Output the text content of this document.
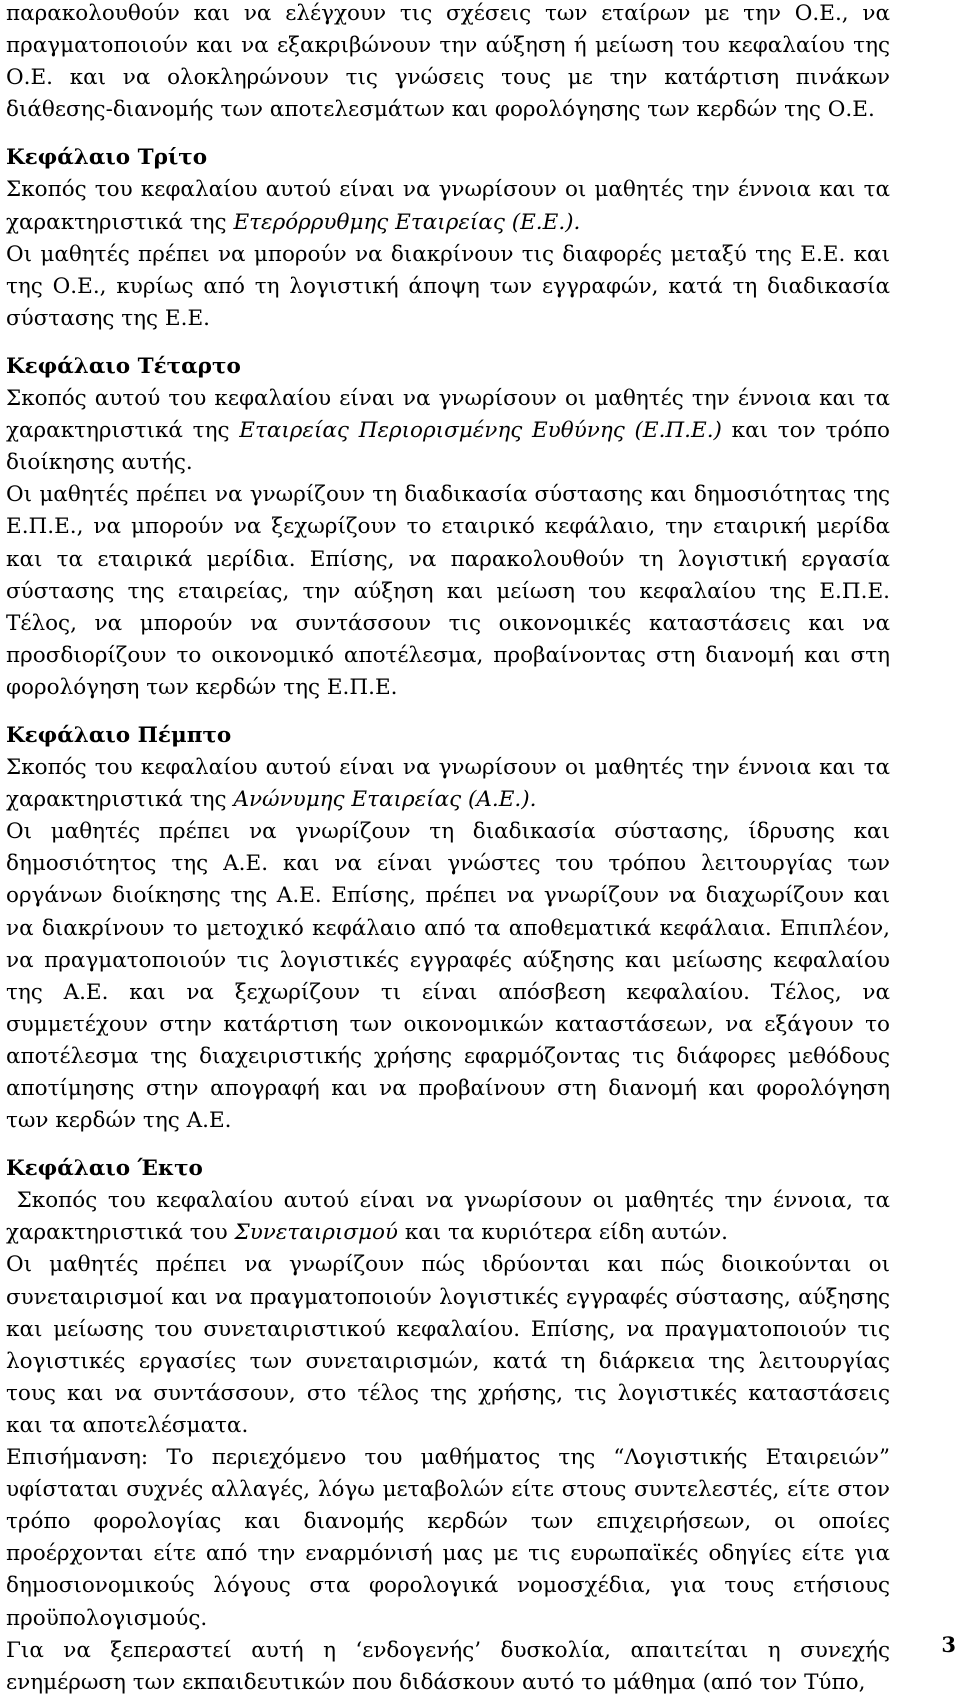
παρακολουθούν και να ελέγχουν τις σχέσεις των εταίρων με την Ο.Ε., να πραγματοποιούν και να εξακριβώνουν την αύξηση ή μείωση του κεφαλαίου της Ο.Ε. και να ολοκληρώνουν τις γνώσεις τους με την κατάρτιση πινάκων διάθεσης-διανομής των αποτελεσμάτων και φορολόγησης των κερδών της Ο.Ε.

Κεφάλαιο Τρίτο

Σκοπός του κεφαλαίου αυτού είναι να γνωρίσουν οι μαθητές την έννοια και τα χαρακτηριστικά της Ετερόρρυθμης Εταιρείας (Ε.Ε.).

Οι μαθητές πρέπει να μπορούν να διακρίνουν τις διαφορές μεταξύ της Ε.Ε. και της Ο.Ε., κυρίως από τη λογιστική άποψη των εγγραφών, κατά τη διαδικασία σύστασης της Ε.Ε.

Κεφάλαιο Τέταρτο

Σκοπός αυτού του κεφαλαίου είναι να γνωρίσουν οι μαθητές την έννοια και τα χαρακτηριστικά της Εταιρείας Περιορισμένης Ευθύνης (Ε.Π.Ε.) και τον τρόπο διοίκησης αυτής.

Οι μαθητές πρέπει να γνωρίζουν τη διαδικασία σύστασης και δημοσιότητας της Ε.Π.Ε., να μπορούν να ξεχωρίζουν το εταιρικό κεφάλαιο, την εταιρική μερίδα και τα εταιρικά μερίδια. Επίσης, να παρακολουθούν τη λογιστική εργασία σύστασης της εταιρείας, την αύξηση και μείωση του κεφαλαίου της Ε.Π.Ε. Τέλος, να μπορούν να συντάσσουν τις οικονομικές καταστάσεις και να προσδιορίζουν το οικονομικό αποτέλεσμα, προβαίνοντας στη διανομή και στη φορολόγηση των κερδών της Ε.Π.Ε.

Κεφάλαιο Πέμπτο

Σκοπός του κεφαλαίου αυτού είναι να γνωρίσουν οι μαθητές την έννοια και τα χαρακτηριστικά της Ανώνυμης Εταιρείας (Α.Ε.).

Οι μαθητές πρέπει να γνωρίζουν τη διαδικασία σύστασης, ίδρυσης και δημοσιότητος της Α.Ε. και να είναι γνώστες του τρόπου λειτουργίας των οργάνων διοίκησης της Α.Ε. Επίσης, πρέπει να γνωρίζουν να διαχωρίζουν και να διακρίνουν το μετοχικό κεφάλαιο από τα αποθεματικά κεφάλαια. Επιπλέον, να πραγματοποιούν τις λογιστικές εγγραφές αύξησης και μείωσης κεφαλαίου της Α.Ε. και να ξεχωρίζουν τι είναι απόσβεση κεφαλαίου. Τέλος, να συμμετέχουν στην κατάρτιση των οικονομικών καταστάσεων, να εξάγουν το αποτέλεσμα της διαχειριστικής χρήσης εφαρμόζοντας τις διάφορες μεθόδους αποτίμησης στην απογραφή και να προβαίνουν στη διανομή και φορολόγηση των κερδών της Α.Ε.

Κεφάλαιο Έκτο

Σκοπός του κεφαλαίου αυτού είναι να γνωρίσουν οι μαθητές την έννοια, τα χαρακτηριστικά του Συνεταιρισμού και τα κυριότερα είδη αυτών.

Οι μαθητές πρέπει να γνωρίζουν πώς ιδρύονται και πώς διοικούνται οι συνεταιρισμοί και να πραγματοποιούν λογιστικές εγγραφές σύστασης, αύξησης και μείωσης του συνεταιριστικού κεφαλαίου. Επίσης, να πραγματοποιούν τις λογιστικές εργασίες των συνεταιρισμών, κατά τη διάρκεια της λειτουργίας τους και να συντάσσουν, στο τέλος της χρήσης, τις λογιστικές καταστάσεις και τα αποτελέσματα.

Επισήμανση: Το περιεχόμενο του μαθήματος της “Λογιστικής Εταιρειών” υφίσταται συχνές αλλαγές, λόγω μεταβολών είτε στους συντελεστές, είτε στον τρόπο φορολογίας και διανομής κερδών των επιχειρήσεων, οι οποίες προέρχονται είτε από την εναρμόνισή μας με τις ευρωπαϊκές οδηγίες είτε για δημοσιονομικούς λόγους στα φορολογικά νομοσχέδια, για τους ετήσιους προϋπολογισμούς.

Για να ξεπεραστεί αυτή η ‘ενδογενής’ δυσκολία, απαιτείται η συνεχής ενημέρωση των εκπαιδευτικών που διδάσκουν αυτό το μάθημα (από τον Τύπο,

3
